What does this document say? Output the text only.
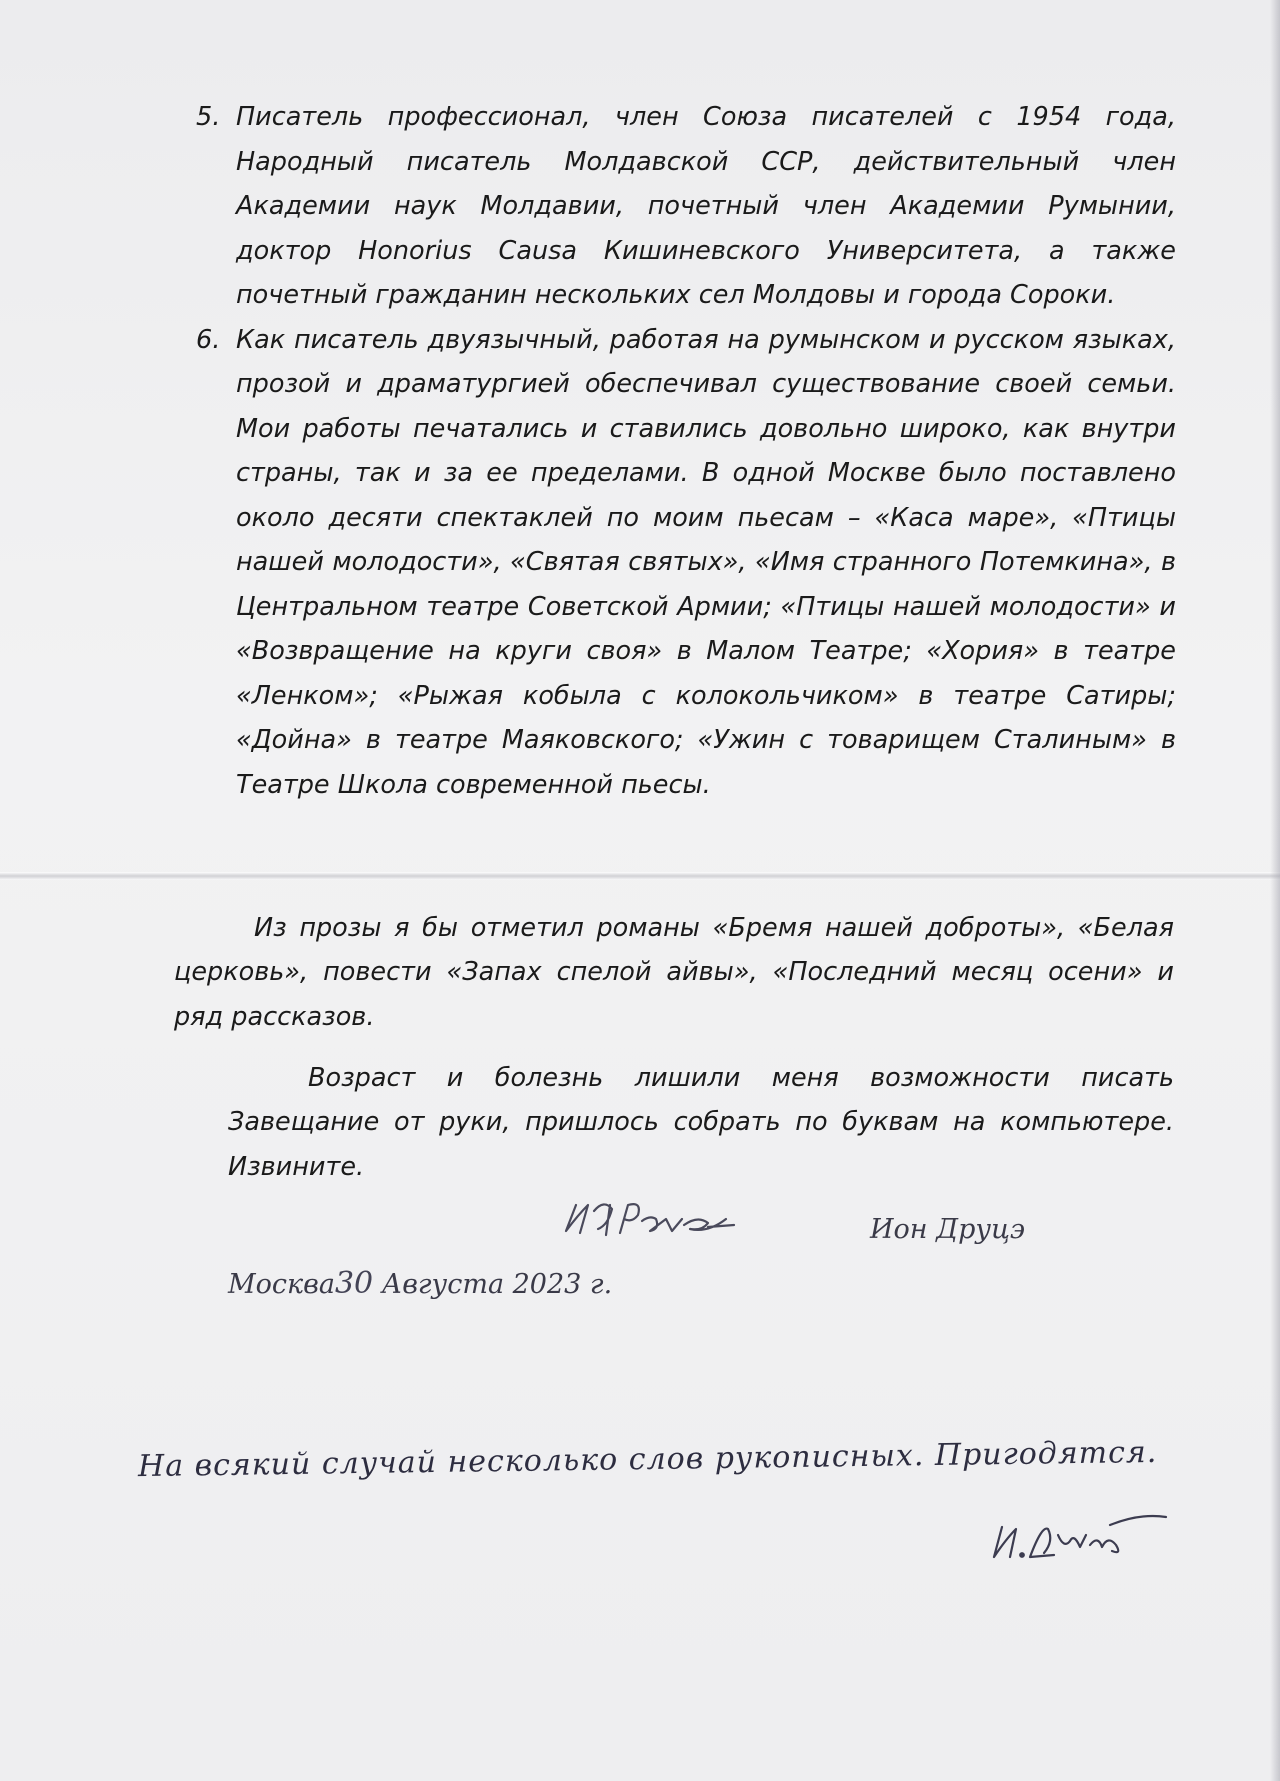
5. Писатель профессионал, член Союза писателей с 1954 года, Народный писатель Молдавской ССР, действительный член Академии наук Молдавии, почетный член Академии Румынии, доктор Honorius Causa Кишиневского Университета, а также почетный гражданин нескольких сел Молдовы и города Сороки.
6. Как писатель двуязычный, работая на румынском и русском языках, прозой и драматургией обеспечивал существование своей семьи. Мои работы печатались и ставились довольно широко, как внутри страны, так и за ее пределами. В одной Москве было поставлено около десяти спектаклей по моим пьесам – «Каса маре», «Птицы нашей молодости», «Святая святых», «Имя странного Потемкина», в Центральном театре Советской Армии; «Птицы нашей молодости» и «Возвращение на круги своя» в Малом Театре; «Хория» в театре «Ленком»; «Рыжая кобыла с колокольчиком» в театре Сатиры; «Дойна» в театре Маяковского; «Ужин с товарищем Сталиным» в Театре Школа современной пьесы.

Из прозы я бы отметил романы «Бремя нашей доброты», «Белая церковь», повести «Запах спелой айвы», «Последний месяц осени» и ряд рассказов.

Возраст и болезнь лишили меня возможности писать Завещание от руки, пришлось собрать по буквам на компьютере. Извините.

Ион Друцэ
Москва30 Августа 2023 г.
На всякий случай несколько слов рукописных. Пригодятся.
